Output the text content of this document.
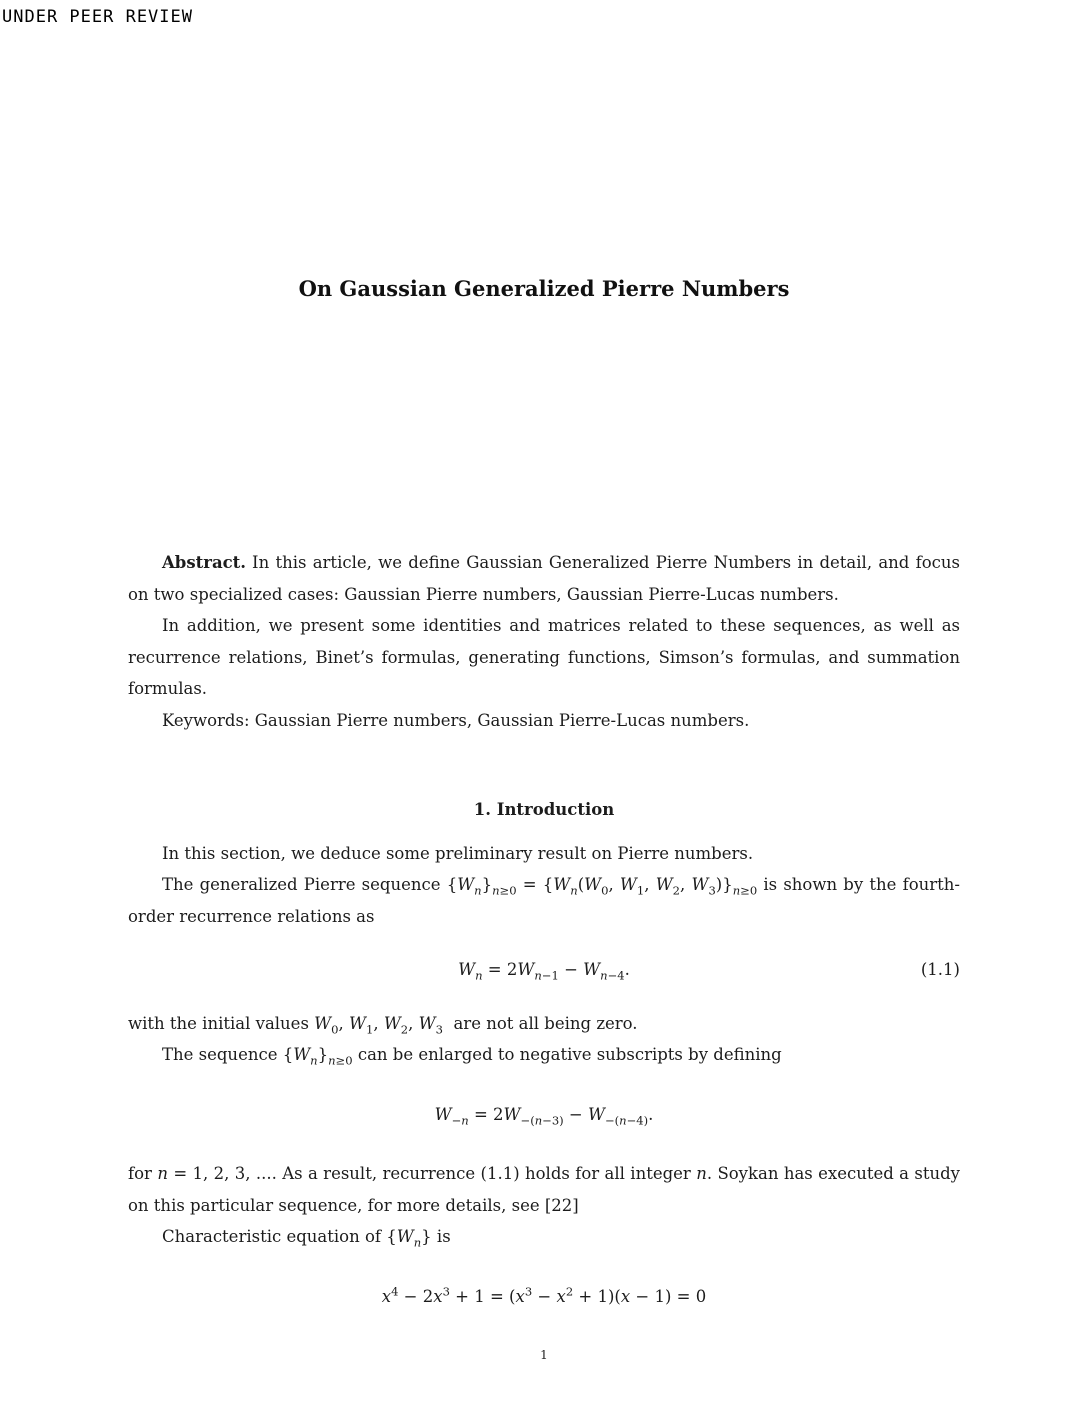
UNDER PEER REVIEW
On Gaussian Generalized Pierre Numbers

Abstract. In this article, we define Gaussian Generalized Pierre Numbers in detail, and focus on two specialized cases: Gaussian Pierre numbers, Gaussian Pierre-Lucas numbers.

In addition, we present some identities and matrices related to these sequences, as well as recurrence relations, Binet’s formulas, generating functions, Simson’s formulas, and summation formulas.

Keywords: Gaussian Pierre numbers, Gaussian Pierre-Lucas numbers.

1. Introduction

In this section, we deduce some preliminary result on Pierre numbers.

The generalized Pierre sequence $\{W_n\}_{n\ge 0} = \{W_n(W_0$, $W_1$, $W_2$, $W_3)\}_{n\ge 0}$ is shown by the fourth-order recurrence relations as

$W_n = 2W_{n-1} - W_{n-4}$.	(1.1)

with the initial values $W_0$, $W_1$, $W_2$, $W_3$  are not all being zero.

The sequence $\{W_n\}_{n\ge 0}$ can be enlarged to negative subscripts by defining

$W_{-n} = 2W_{-(n-3)} - W_{-(n-4)}$.

for n = 1, 2, 3, .... As a result, recurrence (1.1) holds for all integer n. Soykan has executed a study on this particular sequence, for more details, see [22]

Characteristic equation of $\{W_n\}$ is

$x^4 - 2x^3 + 1 = (x^3 - x^2 + 1)(x - 1) = 0$
1
